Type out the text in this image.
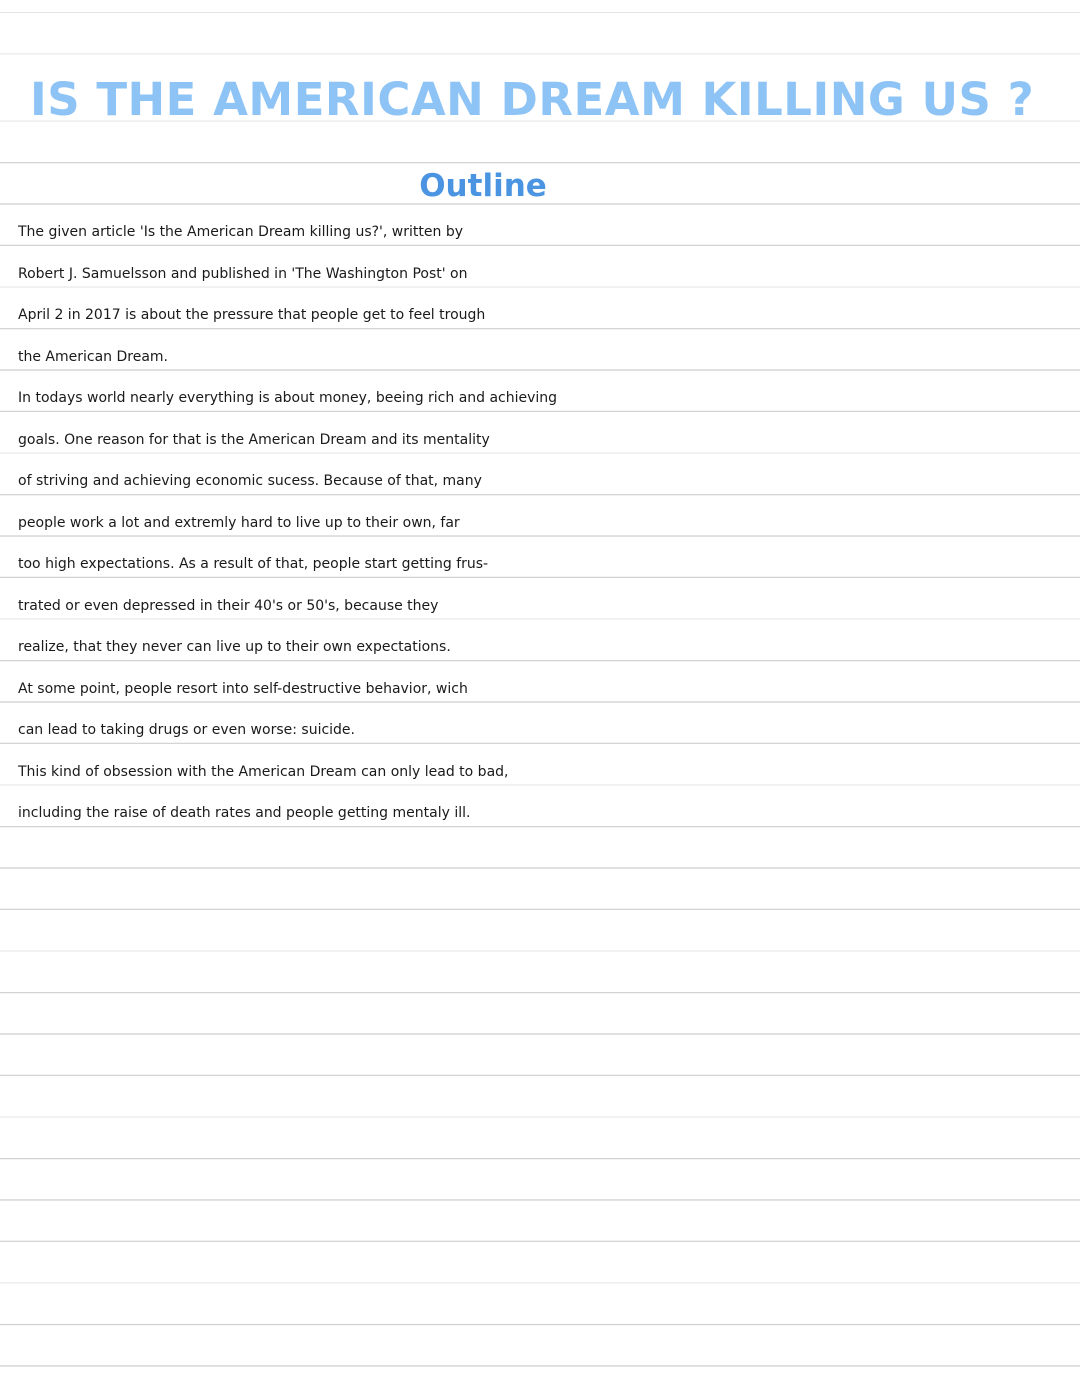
IS THE AMERICAN DREAM KILLING US ?
Outline

The given article 'Is the American Dream killing us?', written by
Robert J. Samuelsson and published in 'The Washington Post' on
April 2 in 2017 is about the pressure that people get to feel trough
the American Dream.

In todays world nearly everything is about money, beeing rich and achieving
goals. One reason for that is the American Dream and its mentality
of striving and achieving economic sucess. Because of that, many
people work a lot and extremly hard to live up to their own, far
too high expectations. As a result of that, people start getting frus-
trated or even depressed in their 40's or 50's, because they
realize, that they never can live up to their own expectations.
At some point, people resort into self-destructive behavior, wich
can lead to taking drugs or even worse: suicide.

This kind of obsession with the American Dream can only lead to bad,
including the raise of death rates and people getting mentaly ill.
